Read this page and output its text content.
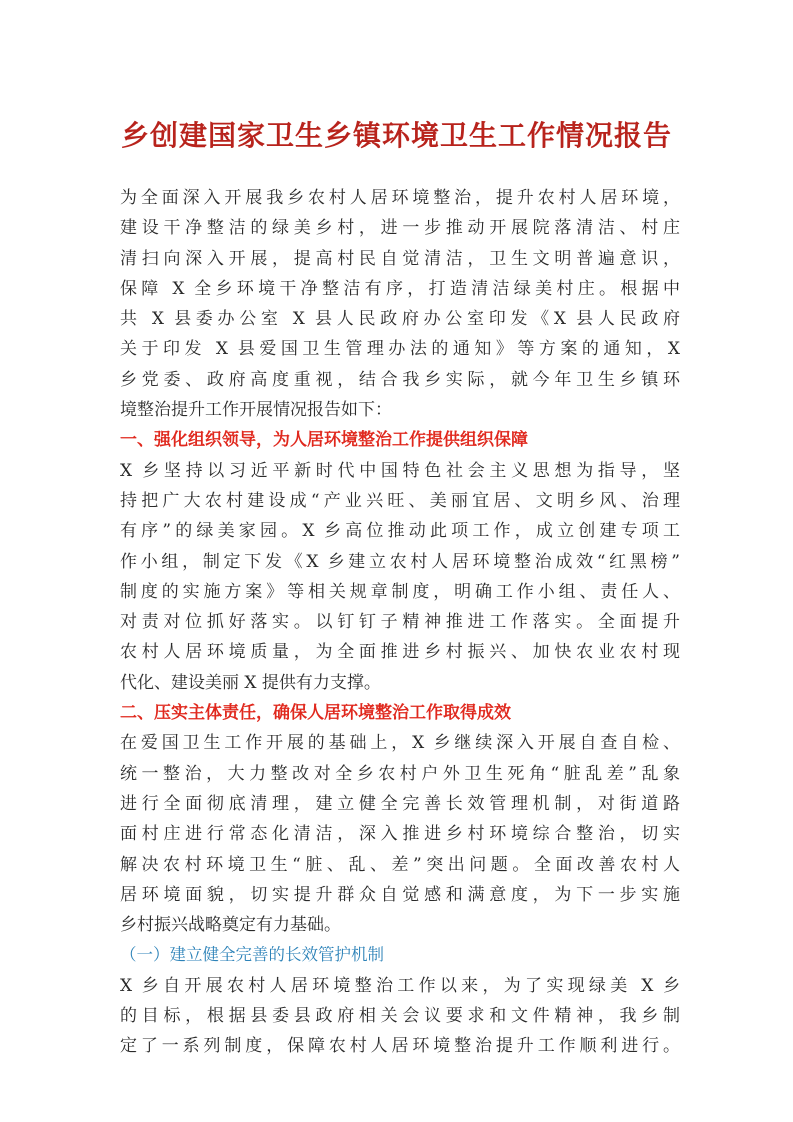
乡创建国家卫生乡镇环境卫生工作情况报告
为全面深入开展我乡农村人居环境整治，提升农村人居环境，
建设干净整洁的绿美乡村，进一步推动开展院落清洁、村庄
清扫向深入开展，提高村民自觉清洁，卫生文明普遍意识，
保障 X 全乡环境干净整洁有序，打造清洁绿美村庄。根据中
共 X 县委办公室 X 县人民政府办公室印发《X 县人民政府
关于印发 X 县爱国卫生管理办法的通知》等方案的通知，X
乡党委、政府高度重视，结合我乡实际，就今年卫生乡镇环
境整治提升工作开展情况报告如下：
一、强化组织领导，为人居环境整治工作提供组织保障
X 乡坚持以习近平新时代中国特色社会主义思想为指导，坚
持把广大农村建设成“产业兴旺、美丽宜居、文明乡风、治理
有序”的绿美家园。X 乡高位推动此项工作，成立创建专项工
作小组，制定下发《X 乡建立农村人居环境整治成效“红黑榜”
制度的实施方案》等相关规章制度，明确工作小组、责任人、
对责对位抓好落实。以钉钉子精神推进工作落实。全面提升
农村人居环境质量，为全面推进乡村振兴、加快农业农村现
代化、建设美丽 X 提供有力支撑。
二、压实主体责任，确保人居环境整治工作取得成效
在爱国卫生工作开展的基础上，X 乡继续深入开展自查自检、
统一整治，大力整改对全乡农村户外卫生死角“脏乱差”乱象
进行全面彻底清理，建立健全完善长效管理机制，对街道路
面村庄进行常态化清洁，深入推进乡村环境综合整治，切实
解决农村环境卫生“脏、乱、差”突出问题。全面改善农村人
居环境面貌，切实提升群众自觉感和满意度，为下一步实施
乡村振兴战略奠定有力基础。
（一）建立健全完善的长效管护机制
X 乡自开展农村人居环境整治工作以来，为了实现绿美 X 乡
的目标，根据县委县政府相关会议要求和文件精神，我乡制
定了一系列制度，保障农村人居环境整治提升工作顺利进行。
